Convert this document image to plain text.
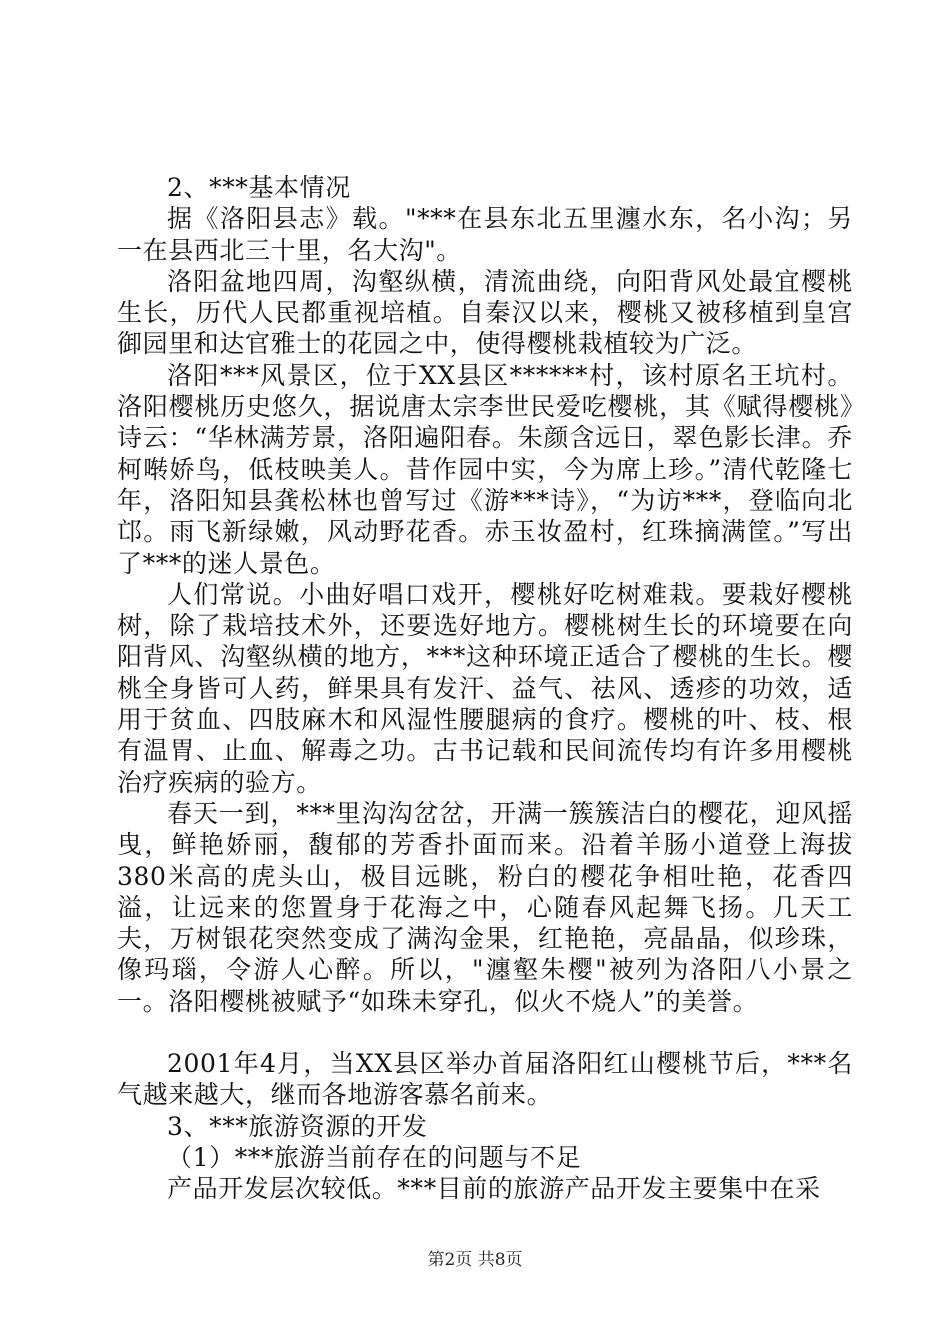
2、***基本情况

据《洛阳县志》载。"***在县东北五里瀍水东，名小沟；另一在县西北三十里，名大沟"。

洛阳盆地四周，沟壑纵横，清流曲绕，向阳背风处最宜樱桃生长，历代人民都重视培植。自秦汉以来，樱桃又被移植到皇宫御园里和达官雅士的花园之中，使得樱桃栽植较为广泛。

洛阳***风景区，位于XX县区******村，该村原名王坑村。洛阳樱桃历史悠久，据说唐太宗李世民爱吃樱桃，其《赋得樱桃》诗云：“华林满芳景，洛阳遍阳春。朱颜含远日，翠色影长津。乔柯啭娇鸟，低枝映美人。昔作园中实，今为席上珍。”清代乾隆七年，洛阳知县龚松林也曾写过《游***诗》，“为访***，登临向北邙。雨飞新绿嫩，风动野花香。赤玉妆盈村，红珠摘满筐。”写出了***的迷人景色。

人们常说。小曲好唱口戏开，樱桃好吃树难栽。要栽好樱桃树，除了栽培技术外，还要选好地方。樱桃树生长的环境要在向阳背风、沟壑纵横的地方，***这种环境正适合了樱桃的生长。樱桃全身皆可人药，鲜果具有发汗、益气、祛风、透疹的功效，适用于贫血、四肢麻木和风湿性腰腿病的食疗。樱桃的叶、枝、根有温胃、止血、解毒之功。古书记载和民间流传均有许多用樱桃治疗疾病的验方。

春天一到，***里沟沟岔岔，开满一簇簇洁白的樱花，迎风摇曳，鲜艳娇丽，馥郁的芳香扑面而来。沿着羊肠小道登上海拔380米高的虎头山，极目远眺，粉白的樱花争相吐艳，花香四溢，让远来的您置身于花海之中，心随春风起舞飞扬。几天工夫，万树银花突然变成了满沟金果，红艳艳，亮晶晶，似珍珠，像玛瑙，令游人心醉。所以，"瀍壑朱樱"被列为洛阳八小景之一。洛阳樱桃被赋予“如珠未穿孔，似火不烧人”的美誉。

2001年4月，当XX县区举办首届洛阳红山樱桃节后，***名气越来越大，继而各地游客慕名前来。

3、***旅游资源的开发

（1）***旅游当前存在的问题与不足

产品开发层次较低。***目前的旅游产品开发主要集中在采

第2页 共8页
